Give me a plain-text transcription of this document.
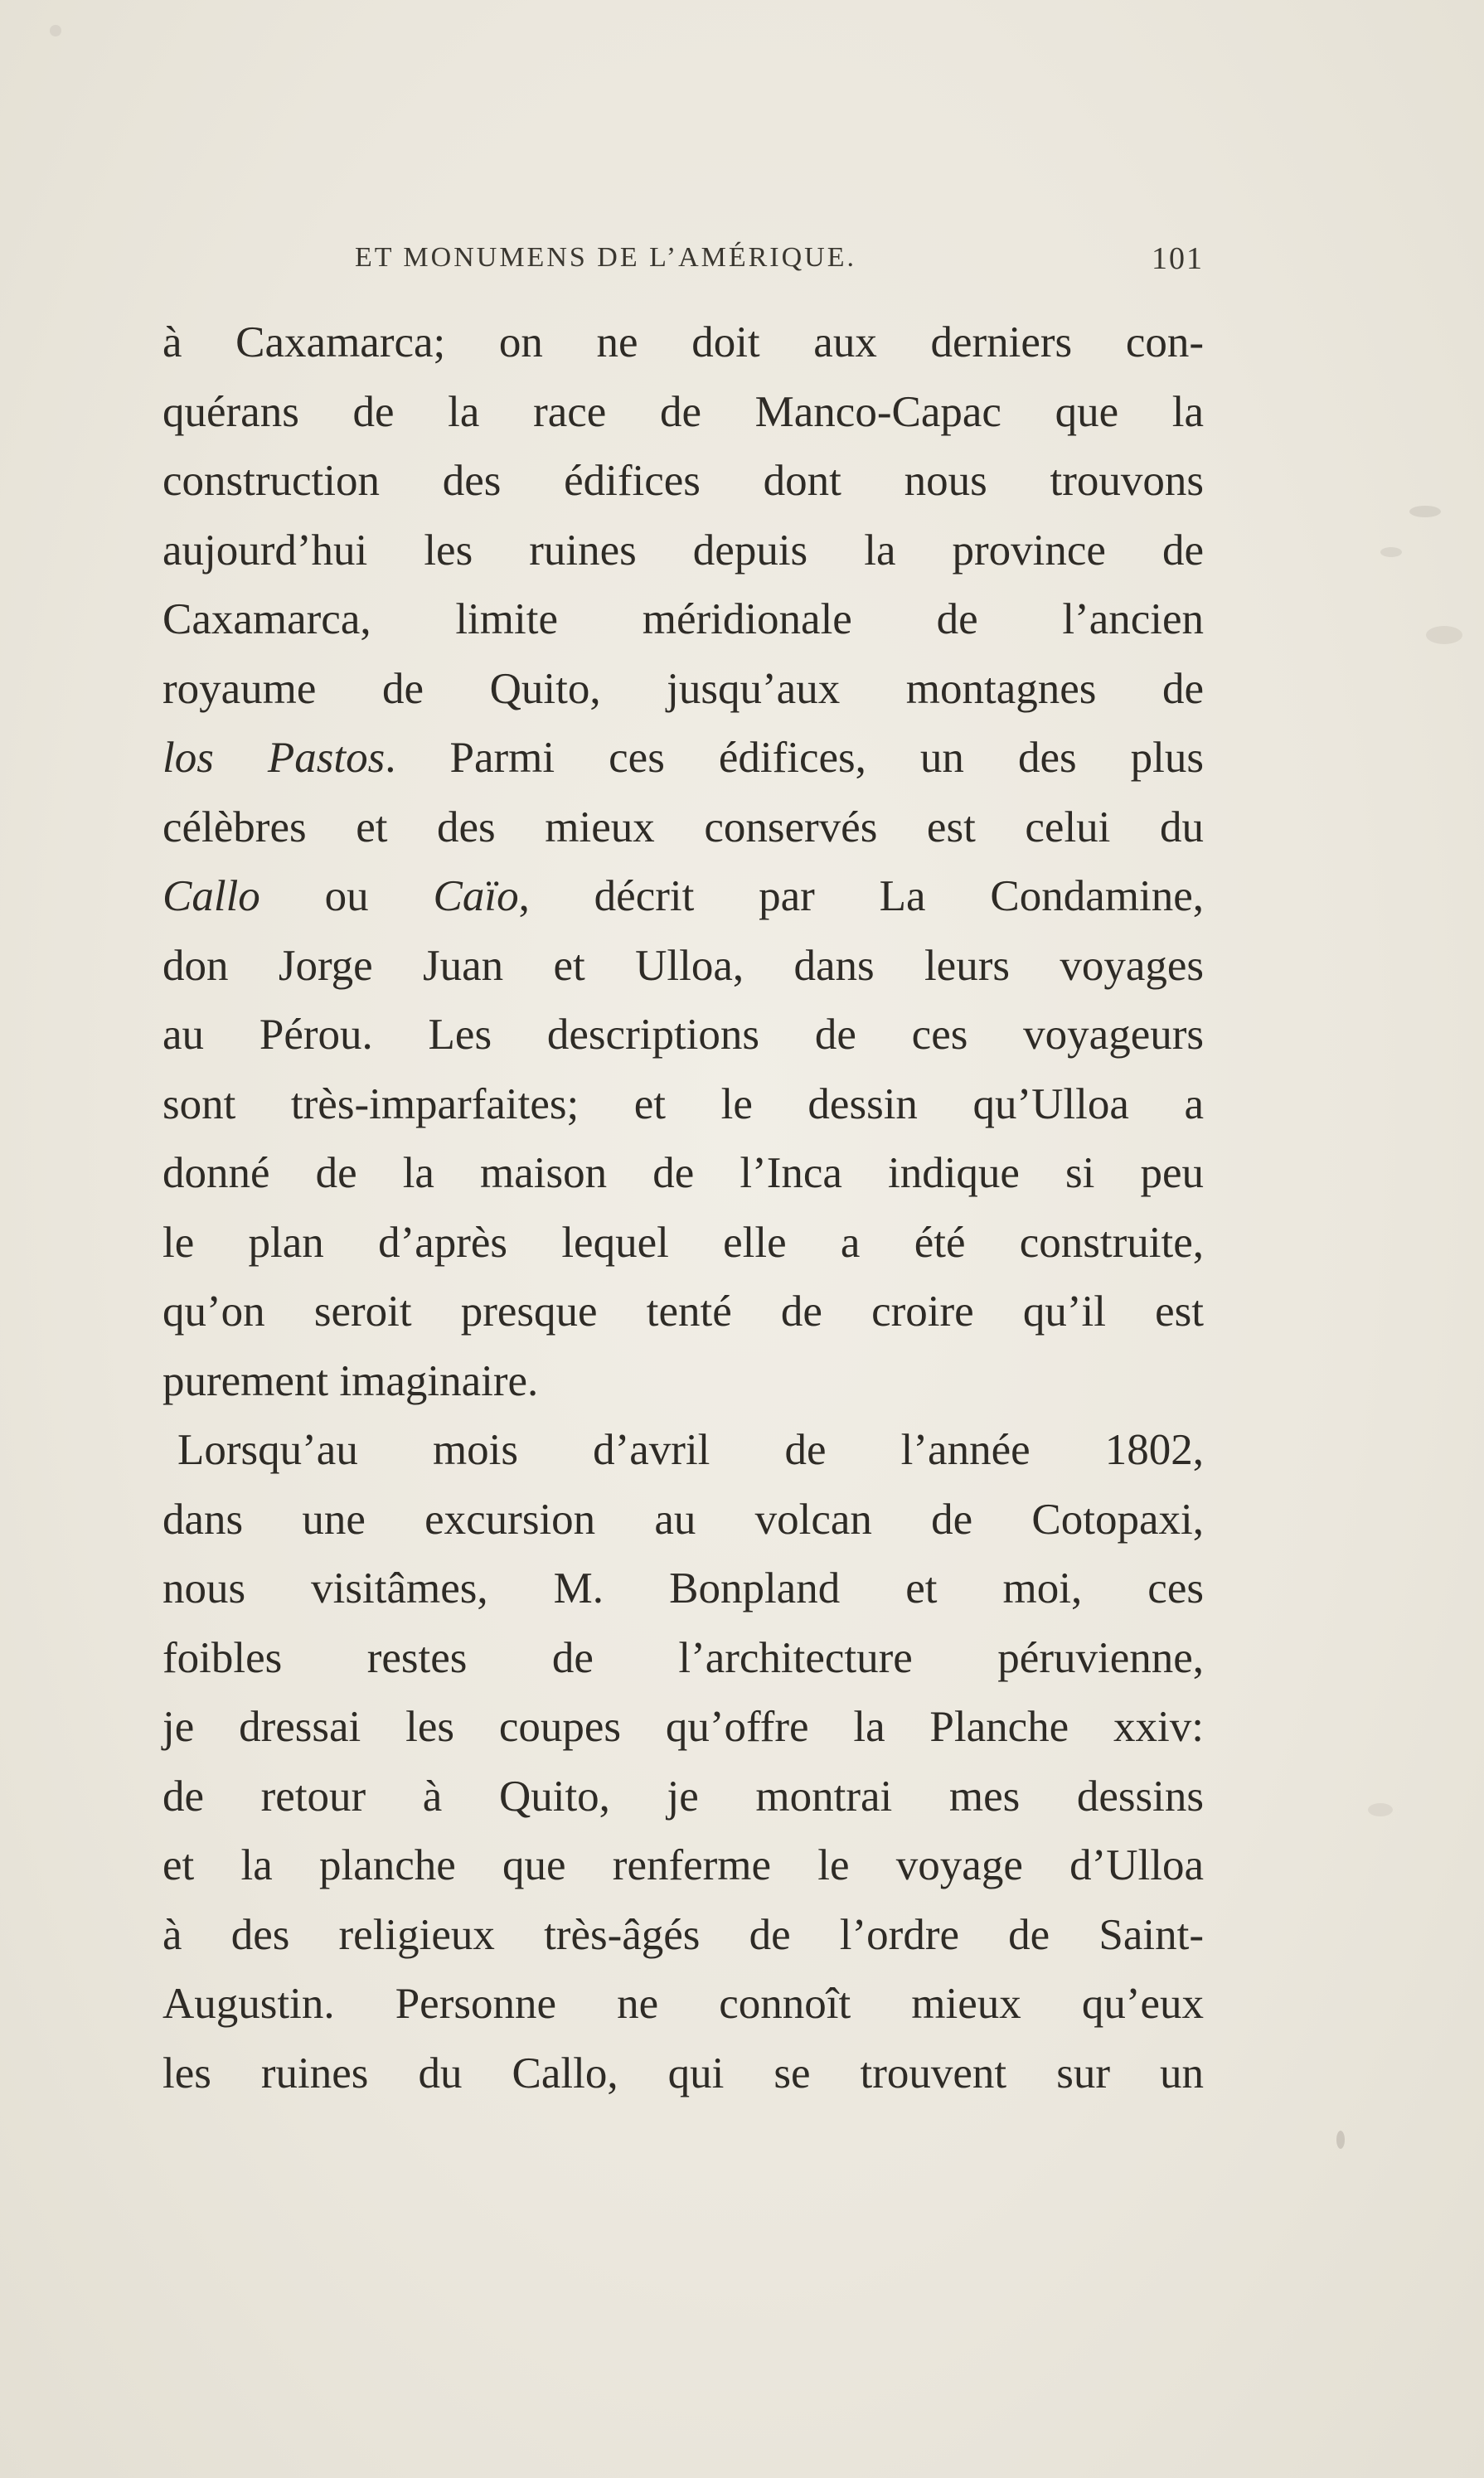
ET MONUMENS DE L’AMÉRIQUE.	101
à Caxamarca; on ne doit aux derniers con-
quérans de la race de Manco-Capac que la
construction des édifices dont nous trouvons
aujourd’hui les ruines depuis la province de
Caxamarca, limite méridionale de l’ancien
royaume de Quito, jusqu’aux montagnes de
los Pastos. Parmi ces édifices, un des plus
célèbres et des mieux conservés est celui du
Callo ou Caïo, décrit par La Condamine,
don Jorge Juan et Ulloa, dans leurs voyages
au Pérou. Les descriptions de ces voyageurs
sont très-imparfaites; et le dessin qu’Ulloa a
donné de la maison de l’Inca indique si peu
le plan d’après lequel elle a été construite,
qu’on seroit presque tenté de croire qu’il est
purement imaginaire.
Lorsqu’au mois d’avril de l’année 1802,
dans une excursion au volcan de Cotopaxi,
nous visitâmes, M. Bonpland et moi, ces
foibles restes de l’architecture péruvienne,
je dressai les coupes qu’offre la Planche xxiv:
de retour à Quito, je montrai mes dessins
et la planche que renferme le voyage d’Ulloa
à des religieux très-âgés de l’ordre de Saint-
Augustin. Personne ne connoît mieux qu’eux
les ruines du Callo, qui se trouvent sur un
